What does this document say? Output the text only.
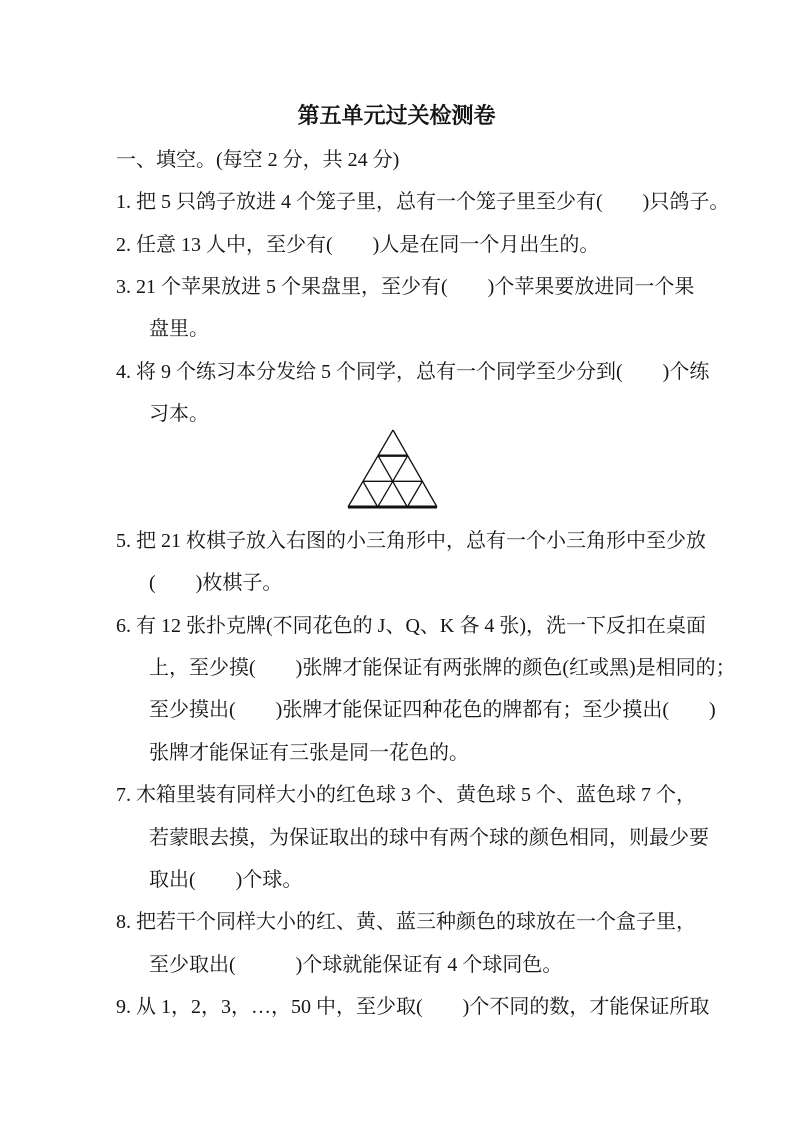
第五单元过关检测卷
一、填空。(每空 2 分，共 24 分)
1. 把 5 只鸽子放进 4 个笼子里，总有一个笼子里至少有(　　)只鸽子。
2. 任意 13 人中，至少有(　　)人是在同一个月出生的。
3. 21 个苹果放进 5 个果盘里，至少有(　　)个苹果要放进同一个果
盘里。
4. 将 9 个练习本分发给 5 个同学，总有一个同学至少分到(　　)个练
习本。
5. 把 21 枚棋子放入右图的小三角形中，总有一个小三角形中至少放
(　　)枚棋子。
6. 有 12 张扑克牌(不同花色的 J、Q、K 各 4 张)，洗一下反扣在桌面
上，至少摸(　　)张牌才能保证有两张牌的颜色(红或黑)是相同的；
至少摸出(　　)张牌才能保证四种花色的牌都有；至少摸出(　　)
张牌才能保证有三张是同一花色的。
7. 木箱里装有同样大小的红色球 3 个、黄色球 5 个、蓝色球 7 个，
若蒙眼去摸，为保证取出的球中有两个球的颜色相同，则最少要
取出(　　)个球。
8. 把若干个同样大小的红、黄、蓝三种颜色的球放在一个盒子里，
至少取出(　　　)个球就能保证有 4 个球同色。
9. 从 1，2，3，…，50 中，至少取(　　)个不同的数，才能保证所取
